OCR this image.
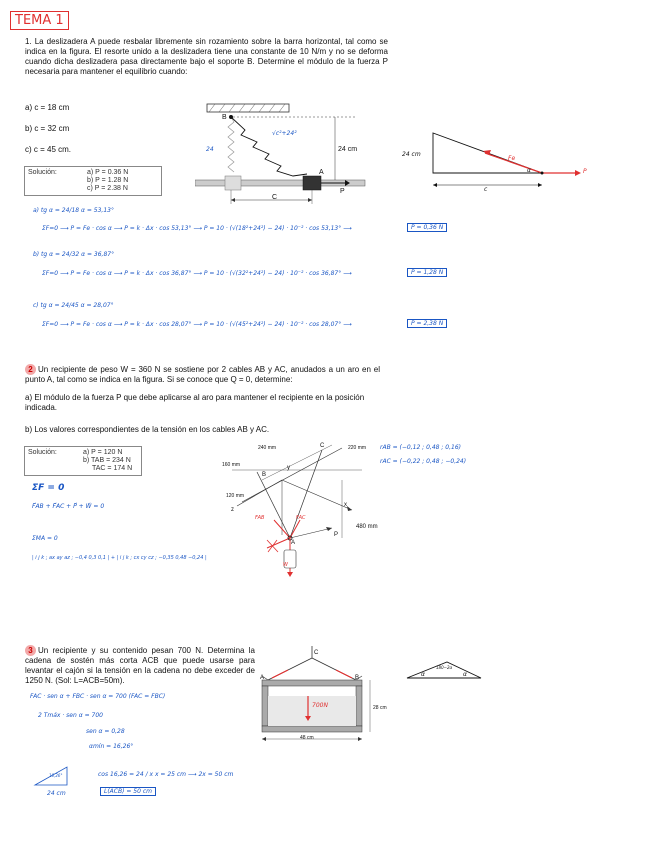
TEMA 1
1. La deslizadera A puede resbalar libremente sin rozamiento sobre la barra horizontal, tal como se indica en la figura. El resorte unido a la deslizadera tiene una constante de 10 N/m y no se deforma cuando dicha deslizadera pasa directamente bajo el soporte B. Determine el módulo de la fuerza P necesaria para mantener el equilibrio cuando:
a) c = 18 cm
b) c = 32 cm
c) c = 45 cm.
Solución:	a) P = 0.36 N
b) P = 1.28 N
c) P = 2.38 N
B
A
C
P
24 cm
24
√c²+24²
24 cm
Fe
P
c
α
a) tg α = 24/18 α = 53,13°
ΣF=0 ⟶ P = Fe · cos α ⟶ P = k · Δx · cos 53,13° ⟶ P = 10 · (√(18²+24²) − 24) · 10⁻² · cos 53,13° ⟶	P = 0,36 N
b) tg α = 24/32 α = 36,87°
ΣF=0 ⟶ P = Fe · cos α ⟶ P = k · Δx · cos 36,87° ⟶ P = 10 · (√(32²+24²) − 24) · 10⁻² · cos 36,87° ⟶	P = 1,28 N
c) tg α = 24/45 α = 28,07°
ΣF=0 ⟶ P = Fe · cos α ⟶ P = k · Δx · cos 28,07° ⟶ P = 10 · (√(45²+24²) − 24) · 10⁻² · cos 28,07° ⟶	P = 2,38 N
2 Un recipiente de peso W = 360 N se sostiene por 2 cables AB y AC, anudados a un aro en el punto A, tal como se indica en la figura. Si se conoce que Q = 0, determine:
a) El módulo de la fuerza P que debe aplicarse al aro para mantener el recipiente en la posición indicada.
b) Los valores correspondientes de la tensión en los cables AB y AC.
Solución:	a) P = 120 N
b) TAB = 234 N
TAC = 174 N
ΣF = 0
F⃗AB + F⃗AC + P⃗ + W⃗ = 0
ΣMA = 0
| i j k ; ax ay az ; −0,4 0,3 0,1 | + | i j k ; cx cy cz ; −0,35 0,48 −0,24 |
rAB = (−0,12 ; 0,48 ; 0,16)
rAC = (−0,22 ; 0,48 ; −0,24)
240 mm	220 mm
160 mm
120 mm
480 mm
C
B
y
x
z
A
P
FAB	FAC
W
3 Un recipiente y su contenido pesan 700 N. Determina la cadena de sostén más corta ACB que puede usarse para levantar el cajón si la tensión en la cadena no debe exceder de 1250 N. (Sol: L=ACB=50m).
FAC · sen α + FBC · sen α = 700 (FAC = FBC)
2 Tmáx · sen α = 700
sen α = 0,28
αmín = 16,26°
cos 16,26 = 24 / x x = 25 cm ⟶ 2x = 50 cm
L(ACB) = 50 cm
16,26°
24 cm
C
A	B
28 cm
48 cm
700N
180−2α
α	α
